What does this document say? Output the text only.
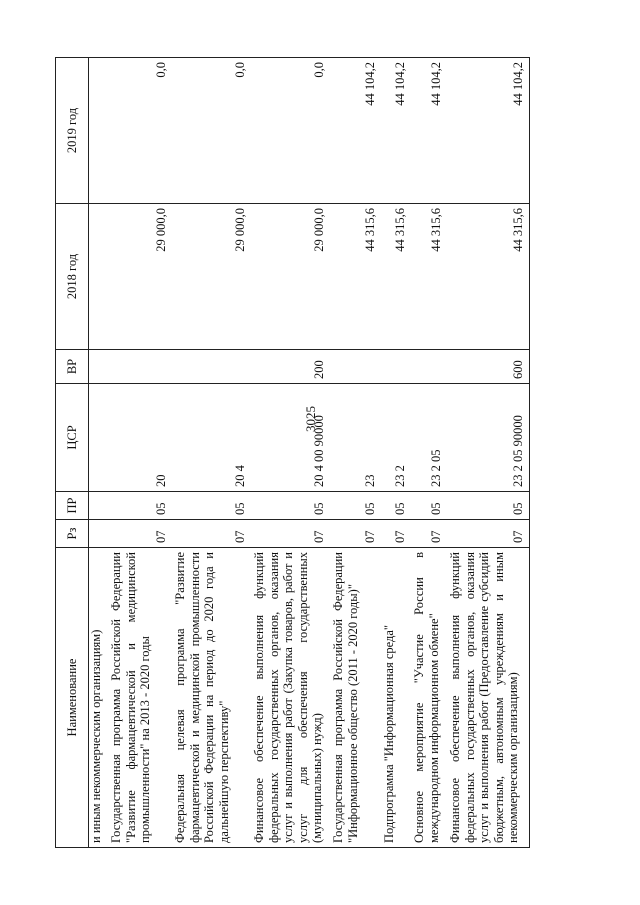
3025
Наименование	Рз	ПР	ЦСР	ВР	2018 год	2019 год
и иным некоммерческим организациям)						
Государственная программа Российской Федерации "Развитие фармацевтической и медицинской промышленности" на 2013 - 2020 годы	07	05	20		29 000,0	0,0
Федеральная целевая программа "Развитие фармацевтической и медицинской промышленности Российской Федерации на период до 2020 года и дальнейшую перспективу"	07	05	20 4		29 000,0	0,0
Финансовое обеспечение выполнения функций федеральных государственных органов, оказания услуг и выполнения работ (Закупка товаров, работ и услуг для обеспечения государственных (муниципальных) нужд)	07	05	20 4 00 90000	200	29 000,0	0,0
Государственная программа Российской Федерации "Информационное общество (2011 - 2020 годы)"	07	05	23		44 315,6	44 104,2
Подпрограмма "Информационная среда"	07	05	23 2		44 315,6	44 104,2
Основное мероприятие "Участие России в международном информационном обмене"	07	05	23 2 05		44 315,6	44 104,2
Финансовое обеспечение выполнения функций федеральных государственных органов, оказания услуг и выполнения работ (Предоставление субсидий бюджетным, автономным учреждениям и иным некоммерческим организациям)	07	05	23 2 05 90000	600	44 315,6	44 104,2
